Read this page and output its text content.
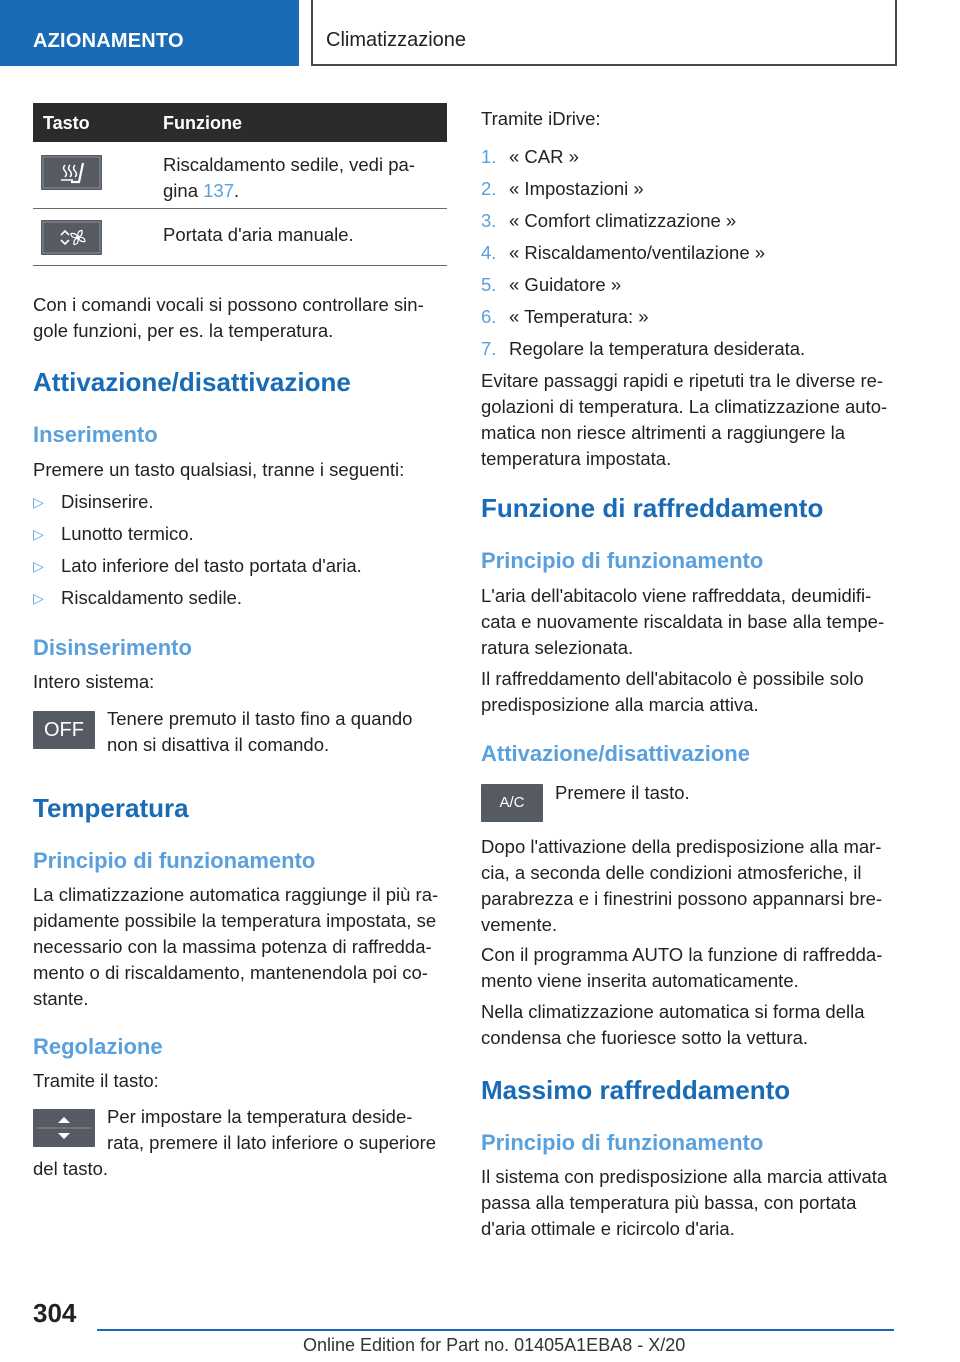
AZIONAMENTO	Climatizzazione
Tasto	Funzione
Riscaldamento sedile, vedi pa-
gina 137.
Portata d'aria manuale.
Con i comandi vocali si possono controllare sin-
gole funzioni, per es. la temperatura.
Attivazione/disattivazione
Inserimento
Premere un tasto qualsiasi, tranne i seguenti:
▷ Disinserire.
▷ Lunotto termico.
▷ Lato inferiore del tasto portata d'aria.
▷ Riscaldamento sedile.
Disinserimento
Intero sistema:
OFF
Tenere premuto il tasto fino a quando
non si disattiva il comando.
Temperatura
Principio di funzionamento
La climatizzazione automatica raggiunge il più ra-
pidamente possibile la temperatura impostata, se
necessario con la massima potenza di raffredda-
mento o di riscaldamento, mantenendola poi co-
stante.
Regolazione
Tramite il tasto:
Per impostare la temperatura deside-
rata, premere il lato inferiore o superiore
del tasto.
Tramite iDrive:
1. « CAR »
2. « Impostazioni »
3. « Comfort climatizzazione »
4. « Riscaldamento/ventilazione »
5. « Guidatore »
6. « Temperatura: »
7. Regolare la temperatura desiderata.
Evitare passaggi rapidi e ripetuti tra le diverse re-
golazioni di temperatura. La climatizzazione auto-
matica non riesce altrimenti a raggiungere la
temperatura impostata.
Funzione di raffreddamento
Principio di funzionamento
L'aria dell'abitacolo viene raffreddata, deumidifi-
cata e nuovamente riscaldata in base alla tempe-
ratura selezionata.
Il raffreddamento dell'abitacolo è possibile solo
predisposizione alla marcia attiva.
Attivazione/disattivazione
A/C	Premere il tasto.
Dopo l'attivazione della predisposizione alla mar-
cia, a seconda delle condizioni atmosferiche, il
parabrezza e i finestrini possono appannarsi bre-
vemente.
Con il programma AUTO la funzione di raffredda-
mento viene inserita automaticamente.
Nella climatizzazione automatica si forma della
condensa che fuoriesce sotto la vettura.
Massimo raffreddamento
Principio di funzionamento
Il sistema con predisposizione alla marcia attivata
passa alla temperatura più bassa, con portata
d'aria ottimale e ricircolo d'aria.
304
Online Edition for Part no. 01405A1EBA8 - X/20
